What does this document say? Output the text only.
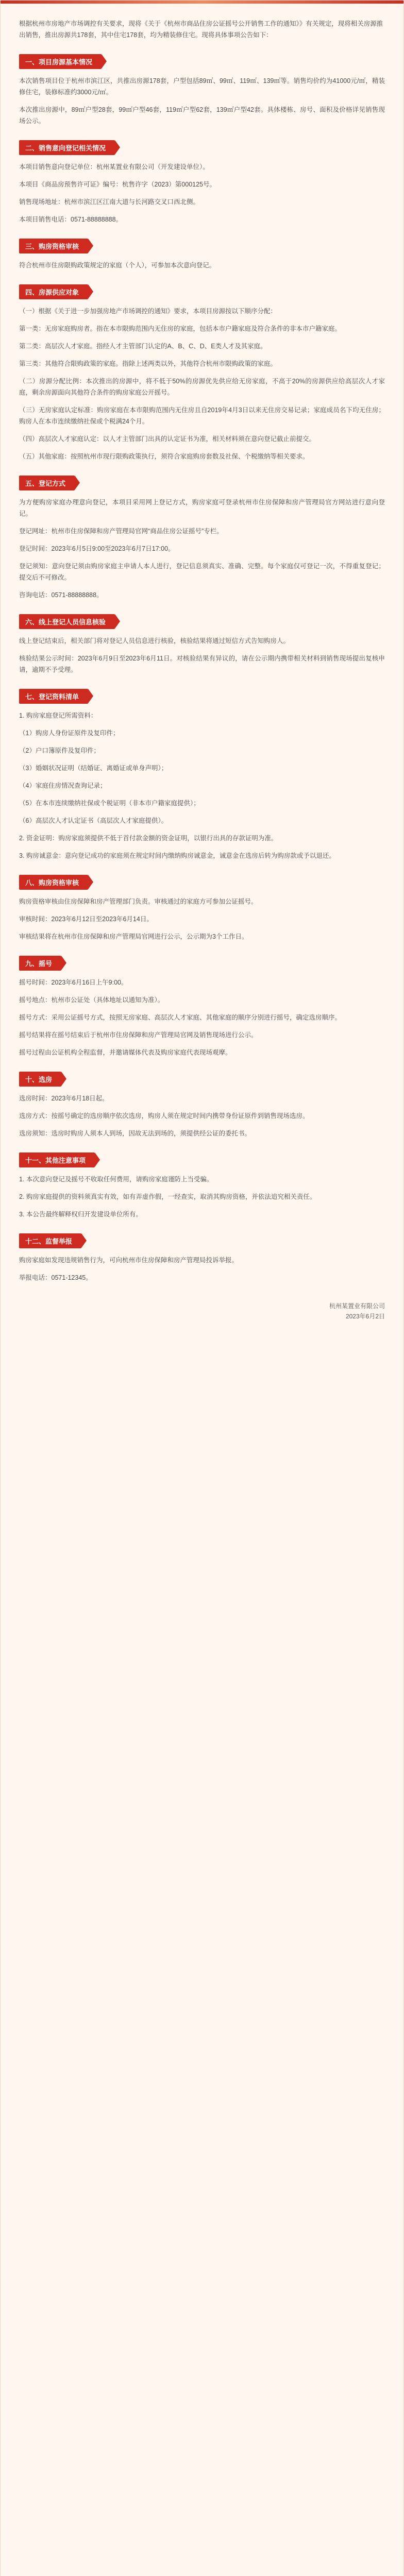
根据杭州市房地产市场调控有关要求，现将《关于《杭州市商品住房公证摇号公开销售工作的通知》》有关规定，现将相关房源推出销售，推出房源共178套，其中住宅178套，均为精装修住宅。现将具体事项公告如下：

一、项目房源基本情况

本次销售项目位于杭州市滨江区，共推出房源178套，户型包括89㎡、99㎡、119㎡、139㎡等。销售均价约为41000元/㎡，精装修住宅，装修标准约3000元/㎡。

本次推出房源中，89㎡户型28套，99㎡户型46套，119㎡户型62套，139㎡户型42套。具体楼栋、房号、面积及价格详见销售现场公示。

二、销售意向登记相关情况

本项目销售意向登记单位：杭州某置业有限公司（开发建设单位）。

本项目《商品房预售许可证》编号：杭售许字（2023）第000125号。

销售现场地址：杭州市滨江区江南大道与长河路交叉口西北侧。

本项目销售电话：0571-88888888。

三、购房资格审核

符合杭州市住房限购政策规定的家庭（个人），可参加本次意向登记。

四、房源供应对象

（一）根据《关于进一步加强房地产市场调控的通知》要求，本项目房源按以下顺序分配：

第一类：无房家庭购房者。指在本市限购范围内无住房的家庭，包括本市户籍家庭及符合条件的非本市户籍家庭。

第二类：高层次人才家庭。指经人才主管部门认定的A、B、C、D、E类人才及其家庭。

第三类：其他符合限购政策的家庭。指除上述两类以外，其他符合杭州市限购政策的家庭。

（二）房源分配比例：本次推出的房源中，将不低于50%的房源优先供应给无房家庭，不高于20%的房源供应给高层次人才家庭，剩余房源面向其他符合条件的购房家庭公开摇号。

（三）无房家庭认定标准：购房家庭在本市限购范围内无住房且自2019年4月3日以来无住房交易记录；家庭成员名下均无住房；购房人在本市连续缴纳社保或个税满24个月。

（四）高层次人才家庭认定：以人才主管部门出具的认定证书为准，相关材料须在意向登记截止前提交。

（五）其他家庭：按照杭州市现行限购政策执行，须符合家庭购房套数及社保、个税缴纳等相关要求。

五、登记方式

为方便购房家庭办理意向登记，本项目采用网上登记方式，购房家庭可登录杭州市住房保障和房产管理局官方网站进行意向登记。

登记网址：杭州市住房保障和房产管理局官网“商品住房公证摇号”专栏。

登记时间：2023年6月5日9:00至2023年6月7日17:00。

登记须知：意向登记须由购房家庭主申请人本人进行，登记信息须真实、准确、完整。每个家庭仅可登记一次，不得重复登记；提交后不可修改。

咨询电话：0571-88888888。

六、线上登记人员信息核验

线上登记结束后，相关部门将对登记人员信息进行核验，核验结果将通过短信方式告知购房人。

核验结果公示时间：2023年6月9日至2023年6月11日。对核验结果有异议的，请在公示期内携带相关材料到销售现场提出复核申请，逾期不予受理。

七、登记资料清单

1. 购房家庭登记所需资料：

（1）购房人身份证原件及复印件；

（2）户口簿原件及复印件；

（3）婚姻状况证明（结婚证、离婚证或单身声明）；

（4）家庭住房情况查询记录；

（5）在本市连续缴纳社保或个税证明（非本市户籍家庭提供）；

（6）高层次人才认定证书（高层次人才家庭提供）。

2. 资金证明：购房家庭须提供不低于首付款金额的资金证明，以银行出具的存款证明为准。

3. 购房诚意金：意向登记成功的家庭须在规定时间内缴纳购房诚意金，诚意金在选房后转为购房款或予以退还。

八、购房资格审核

购房资格审核由住房保障和房产管理部门负责。审核通过的家庭方可参加公证摇号。

审核时间：2023年6月12日至2023年6月14日。

审核结果将在杭州市住房保障和房产管理局官网进行公示，公示期为3个工作日。

九、摇号

摇号时间：2023年6月16日上午9:00。

摇号地点：杭州市公证处（具体地址以通知为准）。

摇号方式：采用公证摇号方式，按照无房家庭、高层次人才家庭、其他家庭的顺序分别进行摇号，确定选房顺序。

摇号结果将在摇号结束后于杭州市住房保障和房产管理局官网及销售现场进行公示。

摇号过程由公证机构全程监督，并邀请媒体代表及购房家庭代表现场观摩。

十、选房

选房时间：2023年6月18日起。

选房方式：按摇号确定的选房顺序依次选房，购房人须在规定时间内携带身份证原件到销售现场选房。

选房须知：选房时购房人须本人到场，因故无法到场的，须提供经公证的委托书。

十一、其他注意事项

1. 本次意向登记及摇号不收取任何费用，请购房家庭谨防上当受骗。

2. 购房家庭提供的资料须真实有效，如有弄虚作假，一经查实，取消其购房资格，并依法追究相关责任。

3. 本公告最终解释权归开发建设单位所有。

十二、监督举报

购房家庭如发现违规销售行为，可向杭州市住房保障和房产管理局投诉举报。

举报电话：0571-12345。

杭州某置业有限公司
2023年6月2日
